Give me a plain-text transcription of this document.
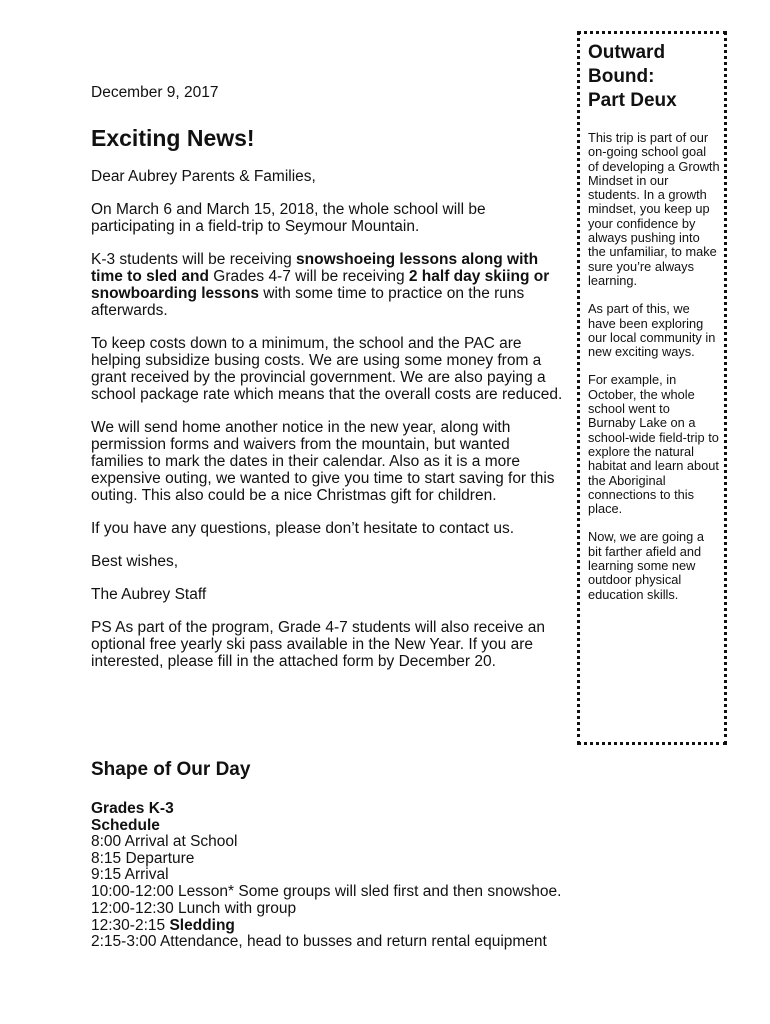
December 9, 2017

Exciting News!

Dear Aubrey Parents & Families,

On March 6 and March 15, 2018, the whole school will be participating in a field-trip to Seymour Mountain.

K-3 students will be receiving snowshoeing lessons along with time to sled and Grades 4-7 will be receiving 2 half day skiing or snowboarding lessons with some time to practice on the runs afterwards.

To keep costs down to a minimum, the school and the PAC are helping subsidize busing costs. We are using some money from a grant received by the provincial government. We are also paying a school package rate which means that the overall costs are reduced.

We will send home another notice in the new year, along with permission forms and waivers from the mountain, but wanted families to mark the dates in their calendar. Also as it is a more expensive outing, we wanted to give you time to start saving for this outing. This also could be a nice Christmas gift for children.

If you have any questions, please don’t hesitate to contact us.

Best wishes,

The Aubrey Staff

PS As part of the program, Grade 4-7 students will also receive an optional free yearly ski pass available in the New Year. If you are interested, please fill in the attached form by December 20.

Outward
Bound:
Part Deux

This trip is part of our on-going school goal of developing a Growth Mindset in our students. In a growth mindset, you keep up your confidence by always pushing into the unfamiliar, to make sure you’re always learning.

As part of this, we have been exploring our local community in new exciting ways.

For example, in October, the whole school went to Burnaby Lake on a school-wide field-trip to explore the natural habitat and learn about the Aboriginal connections to this place.

Now, we are going a bit farther afield and learning some new outdoor physical education skills.

Shape of Our Day

Grades K-3

Schedule

8:00 Arrival at School

8:15 Departure

9:15 Arrival

10:00-12:00 Lesson* Some groups will sled first and then snowshoe.

12:00-12:30 Lunch with group

12:30-2:15 Sledding

2:15-3:00 Attendance, head to busses and return rental equipment
